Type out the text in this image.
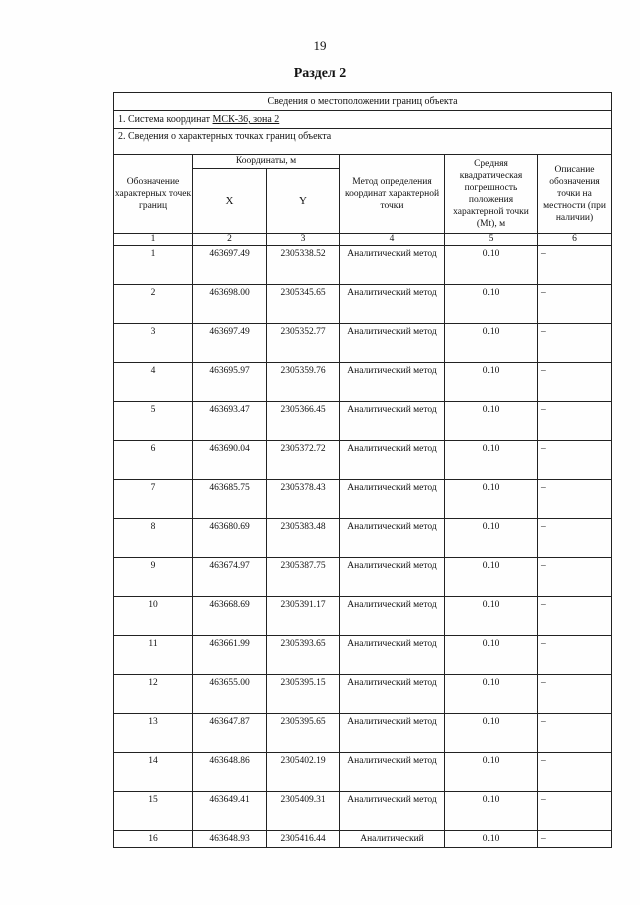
19
Раздел 2
Сведения о местоположении границ объекта					
1. Система координат МСК-36, зона 2					
2. Сведения о характерных точках границ объекта					
Обозначение характерных точек границ	Координаты, м		Метод определения координат характерной точки	Средняя квадратическая погрешность положения характерной точки (Mt), м	Описание обозначения точки на местности (при наличии)
	X	Y			
1	2	3	4	5	6
1	463697.49	2305338.52	Аналитический метод	0.10	–
2	463698.00	2305345.65	Аналитический метод	0.10	–
3	463697.49	2305352.77	Аналитический метод	0.10	–
4	463695.97	2305359.76	Аналитический метод	0.10	–
5	463693.47	2305366.45	Аналитический метод	0.10	–
6	463690.04	2305372.72	Аналитический метод	0.10	–
7	463685.75	2305378.43	Аналитический метод	0.10	–
8	463680.69	2305383.48	Аналитический метод	0.10	–
9	463674.97	2305387.75	Аналитический метод	0.10	–
10	463668.69	2305391.17	Аналитический метод	0.10	–
11	463661.99	2305393.65	Аналитический метод	0.10	–
12	463655.00	2305395.15	Аналитический метод	0.10	–
13	463647.87	2305395.65	Аналитический метод	0.10	–
14	463648.86	2305402.19	Аналитический метод	0.10	–
15	463649.41	2305409.31	Аналитический метод	0.10	–
16	463648.93	2305416.44	Аналитический	0.10	–
